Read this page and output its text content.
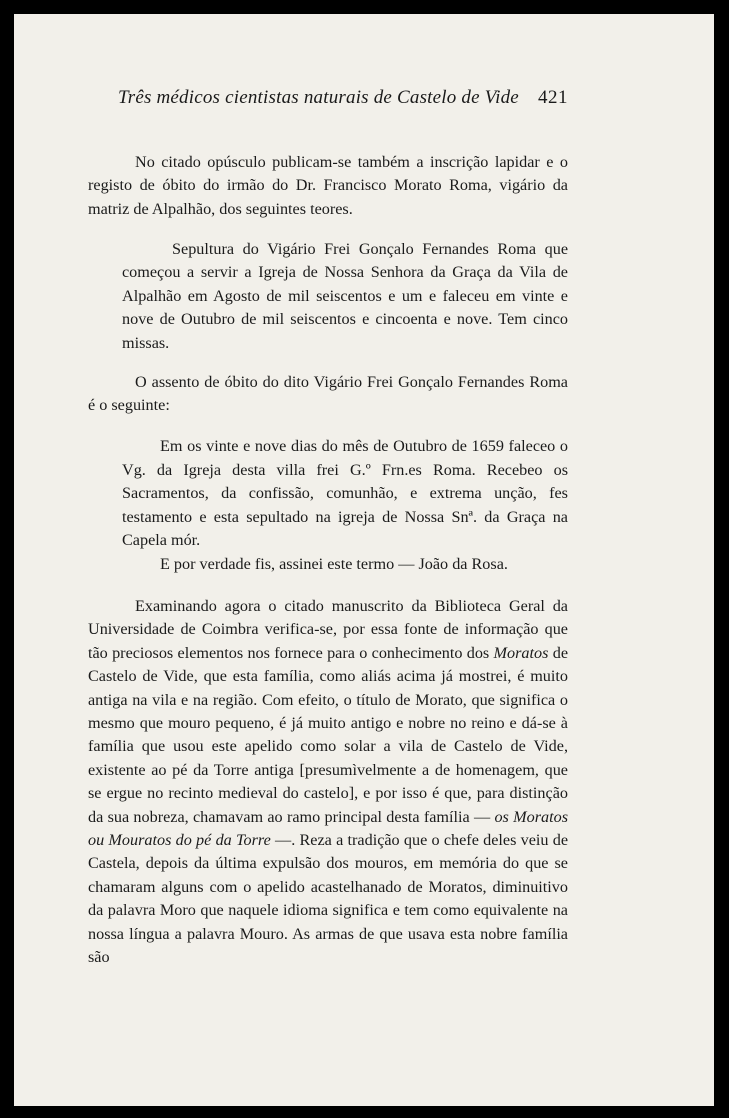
Três médicos cientistas naturais de Castelo de Vide 421

No citado opúsculo publicam-se também a inscrição lapidar e o registo de óbito do irmão do Dr. Francisco Morato Roma, vigário da matriz de Alpalhão, dos seguintes teores.

Sepultura do Vigário Frei Gonçalo Fernandes Roma que começou a servir a Igreja de Nossa Senhora da Graça da Vila de Alpalhão em Agosto de mil seiscentos e um e faleceu em vinte e nove de Outubro de mil seiscentos e cincoenta e nove. Tem cinco missas.

O assento de óbito do dito Vigário Frei Gonçalo Fernandes Roma é o seguinte:

Em os vinte e nove dias do mês de Outubro de 1659 faleceo o Vg. da Igreja desta villa frei G.º Frn.es Roma. Recebeo os Sacramentos, da confissão, comunhão, e extrema unção, fes testamento e esta sepultado na igreja de Nossa Snª. da Graça na Capela mór.

E por verdade fis, assinei este termo — João da Rosa.

Examinando agora o citado manuscrito da Biblioteca Geral da Universidade de Coimbra verifica-se, por essa fonte de informação que tão preciosos elementos nos fornece para o conhecimento dos Moratos de Castelo de Vide, que esta família, como aliás acima já mostrei, é muito antiga na vila e na região. Com efeito, o título de Morato, que significa o mesmo que mouro pequeno, é já muito antigo e nobre no reino e dá-se à família que usou este apelido como solar a vila de Castelo de Vide, existente ao pé da Torre antiga [presumìvelmente a de homenagem, que se ergue no recinto medieval do castelo], e por isso é que, para distinção da sua nobreza, chamavam ao ramo principal desta família — os Moratos ou Mouratos do pé da Torre —. Reza a tradição que o chefe deles veiu de Castela, depois da última expulsão dos mouros, em memória do que se chamaram alguns com o apelido acastelhanado de Moratos, diminuitivo da palavra Moro que naquele idioma significa e tem como equivalente na nossa língua a palavra Mouro. As armas de que usava esta nobre família são
